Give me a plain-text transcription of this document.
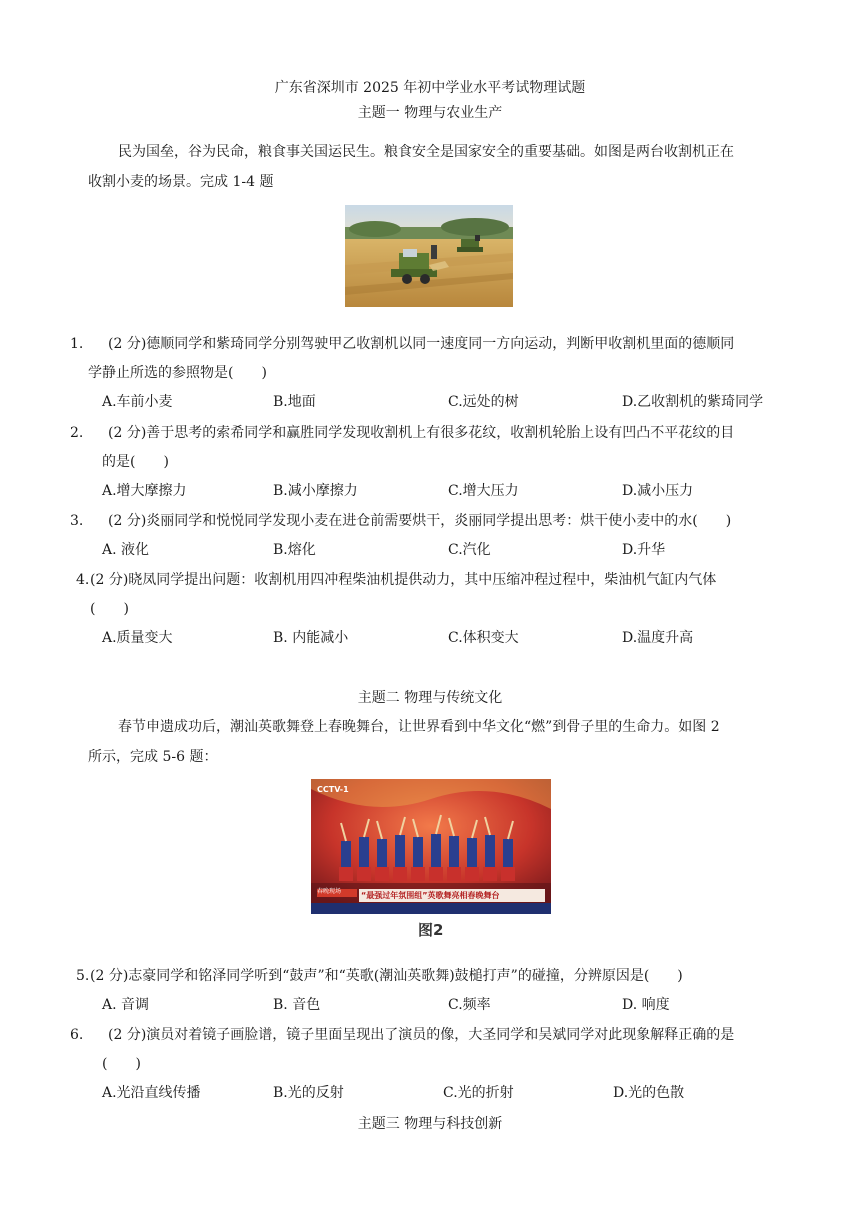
广东省深圳市 2025 年初中学业水平考试物理试题
主题一 物理与农业生产
民为国垒，谷为民命，粮食事关国运民生。粮食安全是国家安全的重要基础。如图是两台收割机正在
收割小麦的场景。完成 1-4 题
1. (2 分)德顺同学和紫琦同学分别驾驶甲乙收割机以同一速度同一方向运动，判断甲收割机里面的德顺同
学静止所选的参照物是(　　)
A.车前小麦	B.地面	C.远处的树	D.乙收割机的紫琦同学
2. (2 分)善于思考的索希同学和赢胜同学发现收割机上有很多花纹，收割机轮胎上设有凹凸不平花纹的目
的是(　　)
A.增大摩擦力	B.减小摩擦力	C.增大压力	D.减小压力
3. (2 分)炎丽同学和悦悦同学发现小麦在进仓前需要烘干，炎丽同学提出思考：烘干使小麦中的水(　　)
A. 液化	B.熔化	C.汽化	D.升华
4. (2 分)晓凤同学提出问题：收割机用四冲程柴油机提供动力，其中压缩冲程过程中，柴油机气缸内气体
(　　)
A.质量变大	B. 内能减小	C.体积变大	D.温度升高
主题二 物理与传统文化
春节申遗成功后，潮汕英歌舞登上春晚舞台，让世界看到中华文化“燃”到骨子里的生命力。如图 2
所示，完成 5-6 题：
CCTV-1
春晚现场 “最强过年氛围组”英歌舞亮相春晚舞台
图2
5. (2 分)志豪同学和铭泽同学听到“鼓声”和“英歌(潮汕英歌舞)鼓槌打声”的碰撞，分辨原因是(　　)
A. 音调	B. 音色	C.频率	D. 响度
6. (2 分)演员对着镜子画脸谱，镜子里面呈现出了演员的像，大圣同学和吴斌同学对此现象解释正确的是
(　　)
A.光沿直线传播	B.光的反射	C.光的折射	D.光的色散
主题三 物理与科技创新
